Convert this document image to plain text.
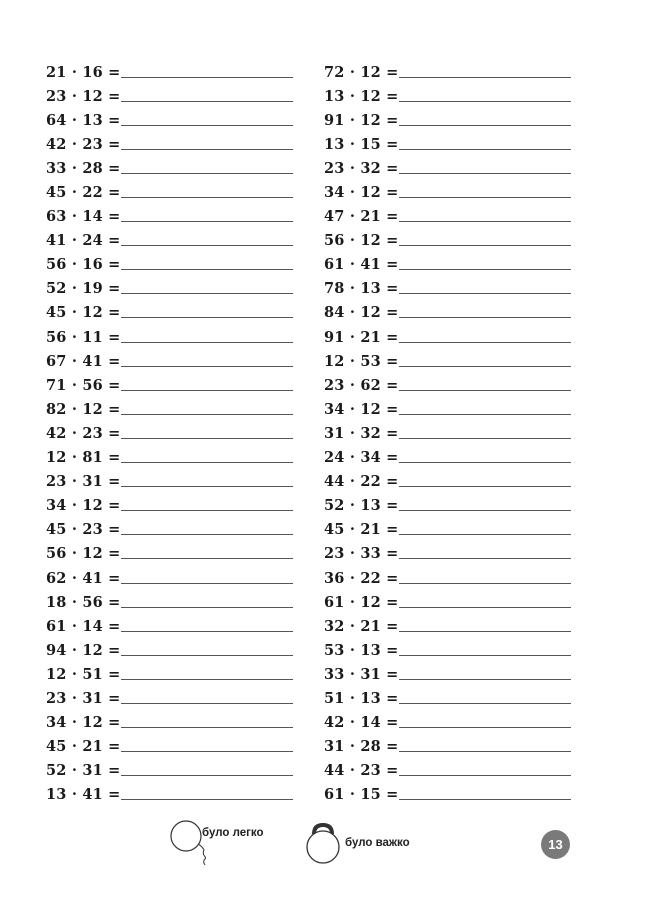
21 · 16 =
23 · 12 =
64 · 13 =
42 · 23 =
33 · 28 =
45 · 22 =
63 · 14 =
41 · 24 =
56 · 16 =
52 · 19 =
45 · 12 =
56 · 11 =
67 · 41 =
71 · 56 =
82 · 12 =
42 · 23 =
12 · 81 =
23 · 31 =
34 · 12 =
45 · 23 =
56 · 12 =
62 · 41 =
18 · 56 =
61 · 14 =
94 · 12 =
12 · 51 =
23 · 31 =
34 · 12 =
45 · 21 =
52 · 31 =
13 · 41 =
72 · 12 =
13 · 12 =
91 · 12 =
13 · 15 =
23 · 32 =
34 · 12 =
47 · 21 =
56 · 12 =
61 · 41 =
78 · 13 =
84 · 12 =
91 · 21 =
12 · 53 =
23 · 62 =
34 · 12 =
31 · 32 =
24 · 34 =
44 · 22 =
52 · 13 =
45 · 21 =
23 · 33 =
36 · 22 =
61 · 12 =
32 · 21 =
53 · 13 =
33 · 31 =
51 · 13 =
42 · 14 =
31 · 28 =
44 · 23 =
61 · 15 =
було легко
було важко	13
